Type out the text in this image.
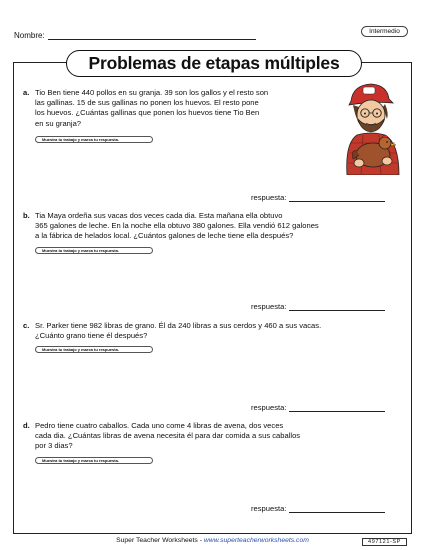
Nombre:	Intermedio
Problemas de etapas múltiples
a. Tio Ben tiene 440 pollos en su granja. 39 son los gallos y el resto son
las gallinas. 15 de sus gallinas no ponen los huevos. El resto pone
los huevos. ¿Cuántas gallinas que ponen los huevos tiene Tio Ben
en su granja?
Muestra tu trabajo y marca tu respuesta.
respuesta:
b. Tia Maya ordeña sus vacas dos veces cada dia. Esta mañana ella obtuvo
365 galones de leche. En la noche ella obtuvo 380 galones. Ella vendió 612 galones
a la fábrica de helados local. ¿Cuántos galones de leche tiene ella después?
Muestra tu trabajo y marca tu respuesta.
respuesta:
c. Sr. Parker tiene 982 libras de grano. Él da 240 libras a sus cerdos y 460 a sus vacas.
¿Cuánto grano tiene él después?
Muestra tu trabajo y marca tu respuesta.
respuesta:
d. Pedro tiene cuatro caballos. Cada uno come 4 libras de avena, dos veces
cada dia. ¿Cuántas libras de avena necesita él para dar comida a sus caballos
por 3 dias?
Muestra tu trabajo y marca tu respuesta.
respuesta:
Super Teacher Worksheets - www.superteacherworksheets.com	497121-SP
